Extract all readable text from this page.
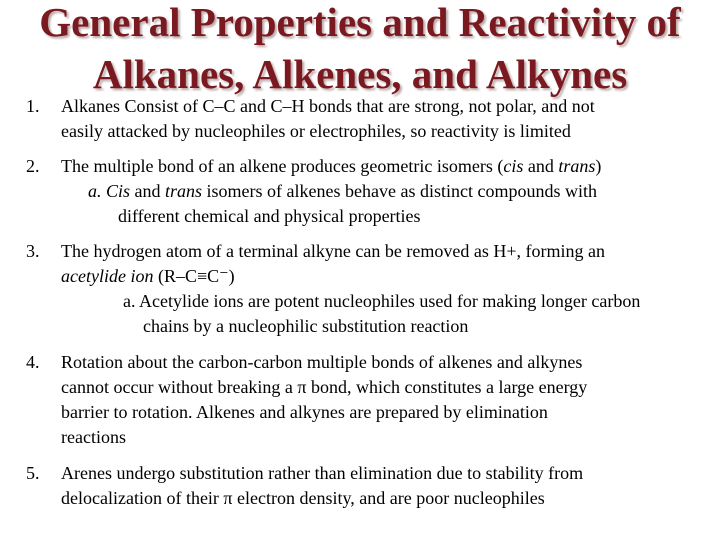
General Properties and Reactivity of
Alkanes, Alkenes, and Alkynes
1. Alkanes Consist of C–C and C–H bonds that are strong, not polar, and not
easily attacked by nucleophiles or electrophiles, so reactivity is limited
2. The multiple bond of an alkene produces geometric isomers (cis and trans)
a. Cis and trans isomers of alkenes behave as distinct compounds with
different chemical and physical properties
3. The hydrogen atom of a terminal alkyne can be removed as H+, forming an
acetylide ion (R–C≡C⁻)
a. Acetylide ions are potent nucleophiles used for making longer carbon
chains by a nucleophilic substitution reaction
4. Rotation about the carbon-carbon multiple bonds of alkenes and alkynes
cannot occur without breaking a π bond, which constitutes a large energy
barrier to rotation. Alkenes and alkynes are prepared by elimination
reactions
5. Arenes undergo substitution rather than elimination due to stability from
delocalization of their π electron density, and are poor nucleophiles
